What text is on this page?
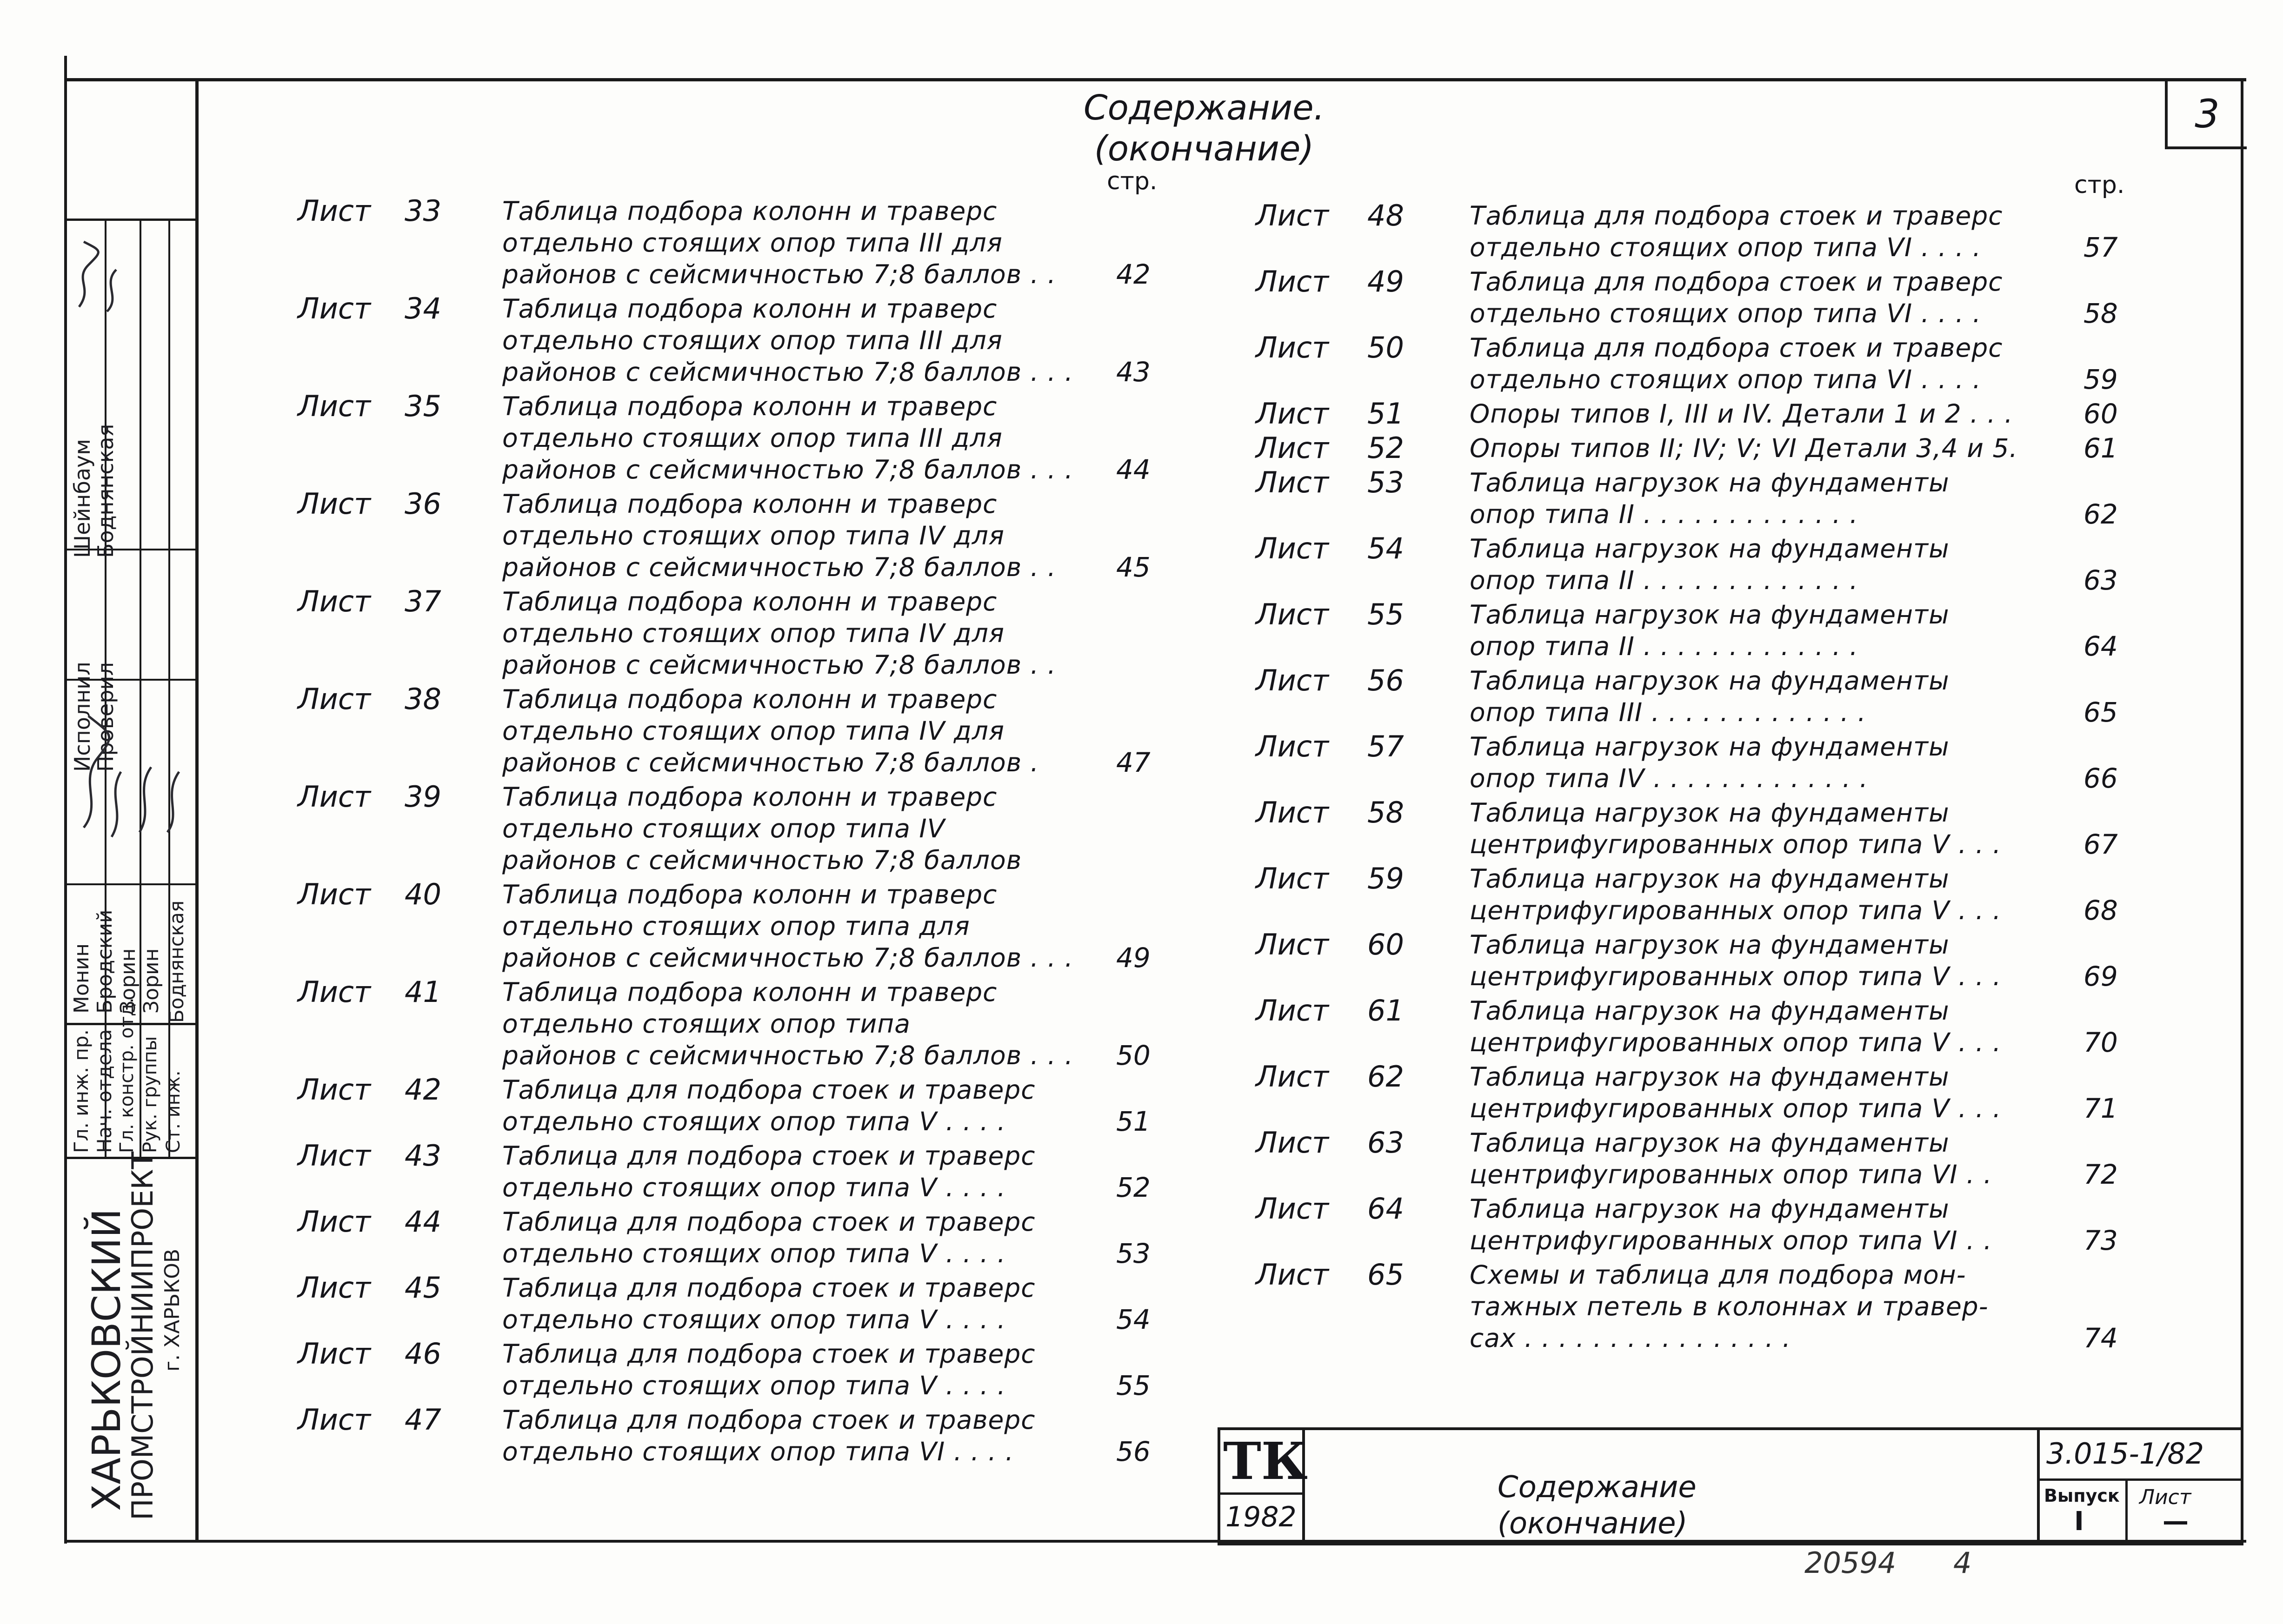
Гл. инж. пр. Нач. отдела Гл. констр. отд. Рук. группы Ст. инж.
Монин Бродский Зорин Зорин Боднянская
Исполнил
Проверил
Шейнбаум
Боднянская
ХАРЬКОВСКИЙ
ПРОМСТРОЙНИИПРОЕКТ г. ХАРЬКОВ
Содержание.
(окончание)
3
стр.	стр.
Лист 33 Таблица подбора колонн и траверс
отдельно стоящих опор типа III для
районов с сейсмичностью 7;8 баллов . . 42
Лист 34 Таблица подбора колонн и траверс
отдельно стоящих опор типа III для
районов с сейсмичностью 7;8 баллов . . . 43
Лист 35 Таблица подбора колонн и траверс
отдельно стоящих опор типа III для
районов с сейсмичностью 7;8 баллов . . . 44
Лист 36 Таблица подбора колонн и траверс
отдельно стоящих опор типа IV для
районов с сейсмичностью 7;8 баллов . . 45
Лист 37 Таблица подбора колонн и траверс
отдельно стоящих опор типа IV для
районов с сейсмичностью 7;8 баллов . .
Лист 38 Таблица подбора колонн и траверс
отдельно стоящих опор типа IV для
районов с сейсмичностью 7;8 баллов .	47
Лист 39 Таблица подбора колонн и траверс
отдельно стоящих опор типа IV
районов с сейсмичностью 7;8 баллов
Лист 40 Таблица подбора колонн и траверс
отдельно стоящих опор типа для
районов с сейсмичностью 7;8 баллов . . . 49
Лист 41 Таблица подбора колонн и траверс
отдельно стоящих опор типа
районов с сейсмичностью 7;8 баллов . . . 50
Лист 42 Таблица для подбора стоек и траверс
отдельно стоящих опор типа V . . . .	51
Лист 43 Таблица для подбора стоек и траверс
отдельно стоящих опор типа V . . . .	52
Лист 44 Таблица для подбора стоек и траверс
отдельно стоящих опор типа V . . . .	53
Лист 45 Таблица для подбора стоек и траверс
отдельно стоящих опор типа V . . . .	54
Лист 46 Таблица для подбора стоек и траверс
отдельно стоящих опор типа V . . . .	55
Лист 47 Таблица для подбора стоек и траверс
отдельно стоящих опор типа VI . . . .	56
Лист 48	Таблица для подбора стоек и траверс
отдельно стоящих опор типа VI . . . .	57
Лист 49	Таблица для подбора стоек и траверс
отдельно стоящих опор типа VI . . . .	58
Лист 50	Таблица для подбора стоек и траверс
отдельно стоящих опор типа VI . . . .	59
Лист 51	Опоры типов I, III и IV. Детали 1 и 2 . . .	60
Лист 52	Опоры типов II; IV; V; VI Детали 3,4 и 5. 61
Лист 53	Таблица нагрузок на фундаменты
опор типа II . . . . . . . . . . . . .	62
Лист 54	Таблица нагрузок на фундаменты
опор типа II . . . . . . . . . . . . .	63
Лист 55	Таблица нагрузок на фундаменты
опор типа II . . . . . . . . . . . . .	64
Лист 56	Таблица нагрузок на фундаменты
опор типа III . . . . . . . . . . . . .	65
Лист 57	Таблица нагрузок на фундаменты
опор типа IV . . . . . . . . . . . . .	66
Лист 58	Таблица нагрузок на фундаменты
центрифугированных опор типа V . . .	67
Лист 59	Таблица нагрузок на фундаменты
центрифугированных опор типа V . . .	68
Лист 60	Таблица нагрузок на фундаменты
центрифугированных опор типа V . . .	69
Лист 61	Таблица нагрузок на фундаменты
центрифугированных опор типа V . . .	70
Лист 62	Таблица нагрузок на фундаменты
центрифугированных опор типа V . . .	71
Лист 63	Таблица нагрузок на фундаменты
центрифугированных опор типа VI . .	72
Лист 64	Таблица нагрузок на фундаменты
центрифугированных опор типа VI . .	73
Лист 65	Схемы и таблица для подбора мон-
тажных петель в колоннах и травер-
сах . . . . . . . . . . . . . . . .	74
ТК
1982
Содержание
(окончание)
3.015-1/82
Выпуск
I
Лист
—
20594 4
